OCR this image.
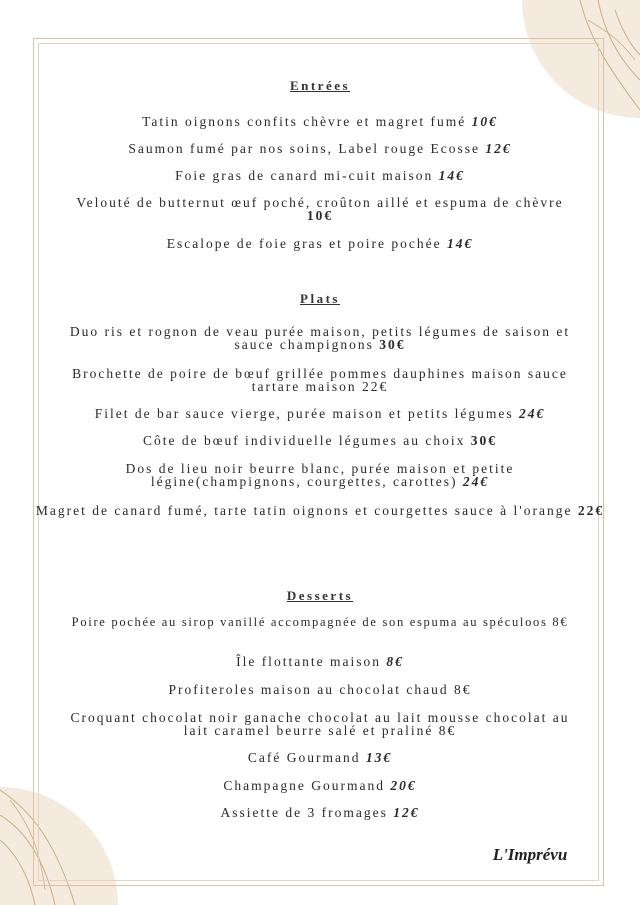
Entrées
Tatin oignons confits chèvre et magret fumé 10€
Saumon fumé par nos soins, Label rouge Ecosse 12€
Foie gras de canard mi-cuit maison 14€
Velouté de butternut œuf poché, croûton aillé et espuma de chèvre 10€
Escalope de foie gras et poire pochée 14€
Plats
Duo ris et rognon de veau purée maison, petits légumes de saison et sauce champignons 30€
Brochette de poire de bœuf grillée pommes dauphines maison sauce tartare maison 22€
Filet de bar sauce vierge, purée maison et petits légumes 24€
Côte de bœuf individuelle légumes au choix 30€
Dos de lieu noir beurre blanc, purée maison et petite légine(champignons, courgettes, carottes) 24€
Magret de canard fumé, tarte tatin oignons et courgettes sauce à l'orange 22€
Desserts
Poire pochée au sirop vanillé accompagnée de son espuma au spéculoos 8€
Île flottante maison 8€
Profiteroles maison au chocolat chaud 8€
Croquant chocolat noir ganache chocolat au lait mousse chocolat au lait caramel beurre salé et praliné 8€
Café Gourmand 13€
Champagne Gourmand 20€
Assiette de 3 fromages 12€
L'Imprévu
